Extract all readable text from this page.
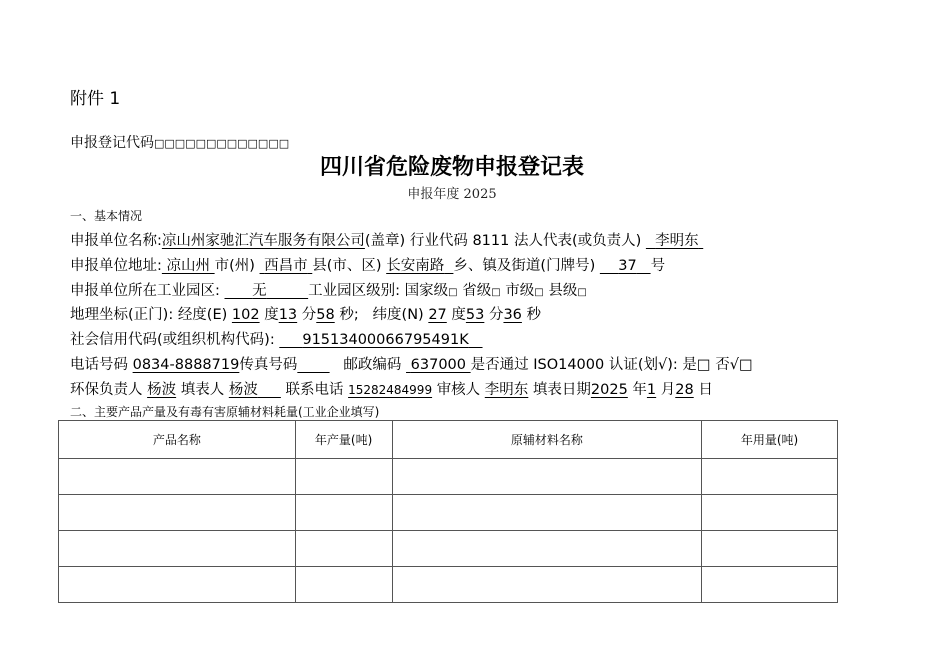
附件 1
申报登记代码□□□□□□□□□□□□□
四川省危险废物申报登记表
申报年度 2025
一、基本情况
申报单位名称:凉山州家驰汇汽车服务有限公司(盖章) 行业代码 8111 法人代表(或负责人) 李明东
申报单位地址: 凉山州 市(州) 西昌市 县(市、区) 长安南路 乡、镇及街道(门牌号) 37 号
申报单位所在工业园区: 无	工业园区级别: 国家级□ 省级□ 市级□ 县级□
地理坐标(正门): 经度(E) 102 度13 分58 秒; 纬度(N) 27 度53 分36 秒
社会信用代码(或组织机构代码): 91513400066795491K
电话号码 0834-8888719传真号码	邮政编码 637000 是否通过 ISO14000 认证(划√): 是□ 否√□
环保负责人 杨波 填表人 杨波 联系电话 15282484999 审核人 李明东 填表日期2025 年1 月28 日
二、主要产品产量及有毒有害原辅材料耗量(工业企业填写)
产品名称	年产量(吨)	原辅材料名称	年用量(吨)
